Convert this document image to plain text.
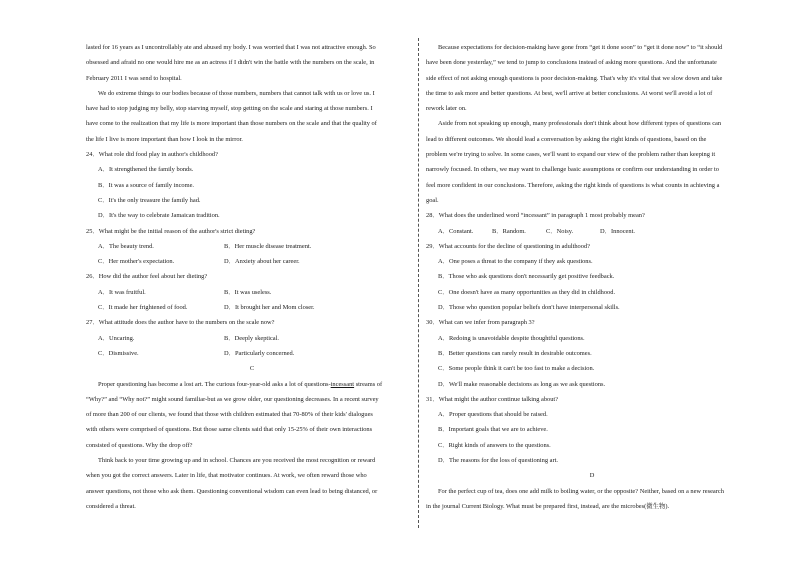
lasted for 16 years as I uncontrollably ate and abused my body. I was worried that I was not attractive enough. So
obsessed and afraid no one would hire me as an actress if I didn't win the battle with the numbers on the scale, in
February 2011 I was send to hospital.

We do extreme things to our bodies because of those numbers, numbers that cannot talk with us or love us. I
have had to stop judging my belly, stop starving myself, stop getting on the scale and staring at those numbers. I
have come to the realization that my life is more important than those numbers on the scale and that the quality of
the life I live is more important than how I look in the mirror.

24．What role did food play in author's childhood?

A．It strengthened the family bonds.

B．It was a source of family income.

C．It's the only treasure the family had.

D．It's the way to celebrate Jamaican tradition.

25．What might be the initial reason of the author's strict dieting?

A．The beauty trend.	B．Her muscle disease treatment.
C．Her mother's expectation.	D．Anxiety about her career.

26．How did the author feel about her dieting?

A．It was fruitful.	B．It was useless.
C．It made her frightened of food.	D．It brought her and Mom closer.

27．What attitude does the author have to the numbers on the scale now?

A．Uncaring.	B．Deeply skeptical.
C．Dismissive.	D．Particularly concerned.

C

Proper questioning has become a lost art. The curious four-year-old asks a lot of questions-incessant streams of
“Why?” and “Why not?” might sound familiar-but as we grow older, our questioning decreases. In a recent survey
of more than 200 of our clients, we found that those with children estimated that 70-80% of their kids' dialogues
with others were comprised of questions. But those same clients said that only 15-25% of their own interactions
consisted of questions. Why the drop off?

Think back to your time growing up and in school. Chances are you received the most recognition or reward
when you got the correct answers. Later in life, that motivator continues. At work, we often reward those who
answer questions, not those who ask them. Questioning conventional wisdom can even lead to being distanced, or
considered a threat.

Because expectations for decision-making have gone from “get it done soon” to “get it done now” to “it should
have been done yesterday,” we tend to jump to conclusions instead of asking more questions. And the unfortunate
side effect of not asking enough questions is poor decision-making. That's why it's vital that we slow down and take
the time to ask more and better questions. At best, we'll arrive at better conclusions. At worst we'll avoid a lot of
rework later on.

Aside from not speaking up enough, many professionals don't think about how different types of questions can
lead to different outcomes. We should lead a conversation by asking the right kinds of questions, based on the
problem we're trying to solve. In some cases, we'll want to expand our view of the problem rather than keeping it
narrowly focused. In others, we may want to challenge basic assumptions or confirm our understanding in order to
feel more confident in our conclusions. Therefore, asking the right kinds of questions is what counts in achieving a
goal.

28．What does the underlined word “incessant” in paragraph 1 most probably mean?

A．Constant.	B．Random.	C．Noisy.	D．Innocent.

29．What accounts for the decline of questioning in adulthood?

A．One poses a threat to the company if they ask questions.

B．Those who ask questions don't necessarily get positive feedback.

C．One doesn't have as many opportunities as they did in childhood.

D．Those who question popular beliefs don't have interpersonal skills.

30．What can we infer from paragraph 3?

A．Redoing is unavoidable despite thoughtful questions.

B．Better questions can rarely result in desirable outcomes.

C．Some people think it can't be too fast to make a decision.

D．We'll make reasonable decisions as long as we ask questions.

31．What might the author continue talking about?

A．Proper questions that should be raised.

B．Important goals that we are to achieve.

C．Right kinds of answers to the questions.

D．The reasons for the loss of questioning art.

D

For the perfect cup of tea, does one add milk to boiling water, or the opposite? Neither, based on a new research
in the journal Current Biology. What must be prepared first, instead, are the microbes(微生物).
